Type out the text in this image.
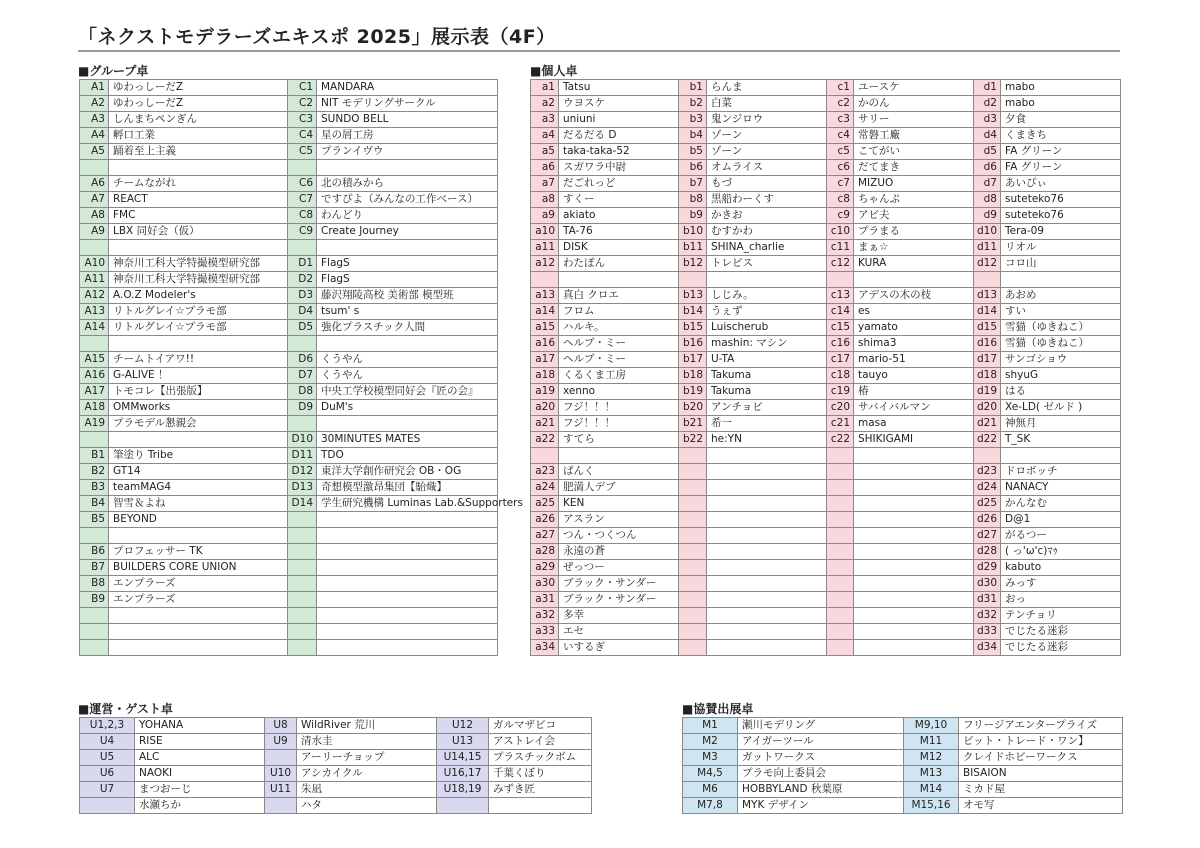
「ネクストモデラーズエキスポ 2025」展示表（4F）
■グループ卓
A1	ゆわっしーだZ	C1	MANDARA
A2	ゆわっしーだZ	C2	NIT モデリングサークル
A3	しんまちペンぎん	C3	SUNDO BELL
A4	孵口工業	C4	星の屑工房
A5	踊着至上主義	C5	プランイヴウ

A6	チームながれ	C6	北の積みから
A7	REACT	C7	ですぴよ（みんなの工作ベース）
A8	FMC	C8	わんどり
A9	LBX 同好会（仮）	C9	Create Journey

A10	神奈川工科大学特撮模型研究部	D1	FlagS
A11	神奈川工科大学特撮模型研究部	D2	FlagS
A12	A.O.Z Modeler's	D3	藤沢翔陵高校 美術部 模型班
A13	リトルグレイ☆プラモ部	D4	tsum' s
A14	リトルグレイ☆プラモ部	D5	強化プラスチック人間

A15	チームトイアワ!!	D6	くうやん
A16	G-ALIVE ！	D7	くうやん
A17	トモコレ【出張版】	D8	中央工学校模型同好会『匠の会』
A18	OMMworks	D9	DuM's
A19	プラモデル懇親会		
		D10	30MINUTES MATES
B1	筆塗り Tribe	D11	TDO
B2	GT14	D12	東洋大学創作研究会 OB・OG
B3	teamMAG4	D13	奇想模型激昂集団【駘熾】
B4	智雪＆よね	D14	学生研究機構 Luminas Lab.&Supporters
B5	BEYOND		

B6	プロフェッサー TK		
B7	BUILDERS CORE UNION		
B8	エンプラーズ		
B9	エンプラーズ		

■個人卓
a1	Tatsu	b1	らんま	c1	ユースケ	d1	mabo
a2	ウヨスケ	b2	白菜	c2	かのん	d2	mabo
a3	uniuni	b3	鬼ンジロウ	c3	サリー	d3	夕食
a4	だるだる D	b4	ゾーン	c4	常磐工廠	d4	くまきち
a5	taka-taka-52	b5	ゾーン	c5	こてがい	d5	FA グリーン
a6	スガワラ中尉	b6	オムライス	c6	だてまき	d6	FA グリーン
a7	だごれっど	b7	もづ	c7	MIZUO	d7	あいぴぃ
a8	すくー	b8	黒船わーくす	c8	ちゃんぷ	d8	suteteko76
a9	akiato	b9	かきお	c9	アビ夫	d9	suteteko76
a10	TA-76	b10	むすかわ	c10	プラまる	d10	Tera-09
a11	DISK	b11	SHINA_charlie	c11	まぁ☆	d11	リオル
a12	わたぽん	b12	トレピス	c12	KURA	d12	コロ山

a13	真白 クロエ	b13	しじみ。	c13	アデスの木の枝	d13	あおめ
a14	フロム	b14	うぇず	c14	es	d14	すい
a15	ハルキ。	b15	Luischerub	c15	yamato	d15	雪猫（ゆきねこ）
a16	ヘルプ・ミー	b16	mashin: マシン	c16	shima3	d16	雪猫（ゆきねこ）
a17	ヘルプ・ミー	b17	U-TA	c17	mario-51	d17	サンゴショウ
a18	くるくま工房	b18	Takuma	c18	tauyo	d18	shyuG
a19	xenno	b19	Takuma	c19	椿	d19	はる
a20	フジ！！！	b20	アンチョビ	c20	サバイバルマン	d20	Xe-LD( ゼルド )
a21	フジ！！！	b21	希一	c21	masa	d21	神無月
a22	すてら	b22	he:YN	c22	SHIKIGAMI	d22	T_SK

a23	ぱんく					d23	ドロボッチ
a24	肥満人デブ					d24	NANACY
a25	KEN					d25	かんなむ
a26	アスラン					d26	D@1
a27	つん・つくつん					d27	がるつー
a28	永遠の蒼					d28	( っ'ω'c)ﾏｩ
a29	ぜっつー					d29	kabuto
a30	ブラック・サンダー					d30	みっす
a31	ブラック・サンダー					d31	おっ
a32	多幸					d32	テンチョリ
a33	エセ					d33	でじたる迷彩
a34	いするぎ					d34	でじたる迷彩
■運営・ゲスト卓
U1,2,3	YOHANA	U8	WildRiver 荒川	U12	ガルマザビコ
U4	RISE	U9	清水圭	U13	アストレイ会
U5	ALC		アーリーチョップ	U14,15	プラスチックボム
U6	NAOKI	U10	アシカイクル	U16,17	千葉くぼり
U7	まつおーじ	U11	朱凪	U18,19	みずき匠
	水瀬ちか		ハタ		
■協賛出展卓
M1	瀬川モデリング	M9,10	フリージアエンタープライズ
M2	アイガーツール	M11	ビット・トレード・ワン】
M3	ガットワークス	M12	クレイドホビーワークス
M4,5	プラモ向上委員会	M13	BISAION
M6	HOBBYLAND 秋葉原	M14	ミカド屋
M7,8	MYK デザイン	M15,16	オモ写
